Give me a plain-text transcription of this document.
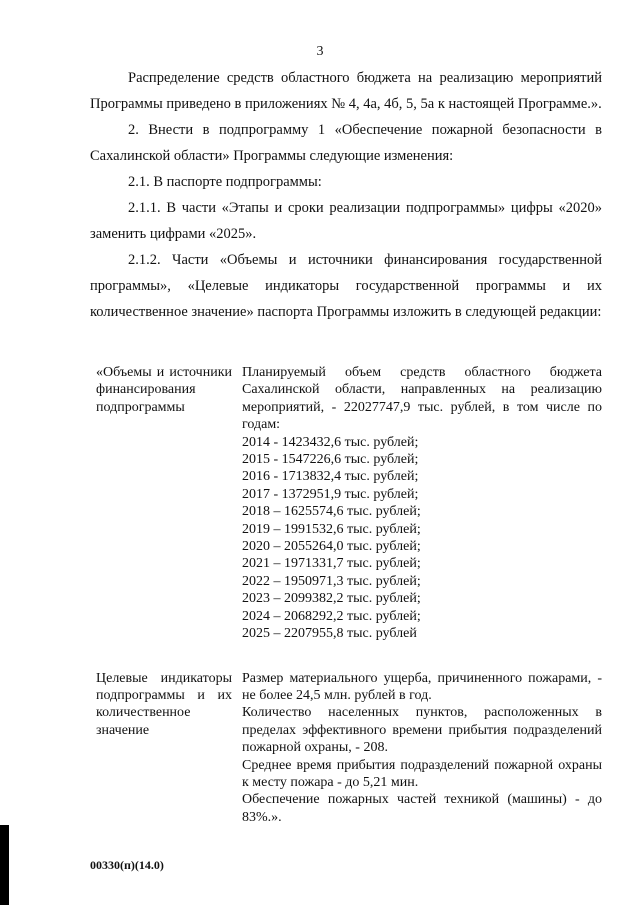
3

Распределение средств областного бюджета на реализацию мероприятий Программы приведено в приложениях № 4, 4а, 4б, 5, 5а к настоящей Программе.».

2. Внести в подпрограмму 1 «Обеспечение пожарной безопасности в Сахалинской области» Программы следующие изменения:

2.1. В паспорте подпрограммы:

2.1.1. В части «Этапы и сроки реализации подпрограммы» цифры «2020» заменить цифрами «2025».

2.1.2. Части «Объемы и источники финансирования государственной программы», «Целевые индикаторы государственной программы и их количественное значение» паспорта Программы изложить в следующей редакции:

«Объемы и источники финансирования подпрограммы

Планируемый объем средств областного бюджета Сахалинской области, направленных на реализацию мероприятий, - 22027747,9 тыс. рублей, в том числе по годам:

2014 - 1423432,6 тыс. рублей;
2015 - 1547226,6 тыс. рублей;
2016 - 1713832,4 тыс. рублей;
2017 - 1372951,9 тыс. рублей;
2018 – 1625574,6 тыс. рублей;
2019 – 1991532,6 тыс. рублей;
2020 – 2055264,0 тыс. рублей;
2021 – 1971331,7 тыс. рублей;
2022 – 1950971,3 тыс. рублей;
2023 – 2099382,2 тыс. рублей;
2024 – 2068292,2 тыс. рублей;
2025 – 2207955,8 тыс. рублей
Целевые индикаторы подпрограммы и их количественное значение

Размер материального ущерба, причиненного пожарами, - не более 24,5 млн. рублей в год.

Количество населенных пунктов, расположенных в пределах эффективного времени прибытия подразделений пожарной охраны, - 208.

Среднее время прибытия подразделений пожарной охраны к месту пожара - до 5,21 мин.

Обеспечение пожарных частей техникой (машины) - до 83%.».

00330(п)(14.0)
